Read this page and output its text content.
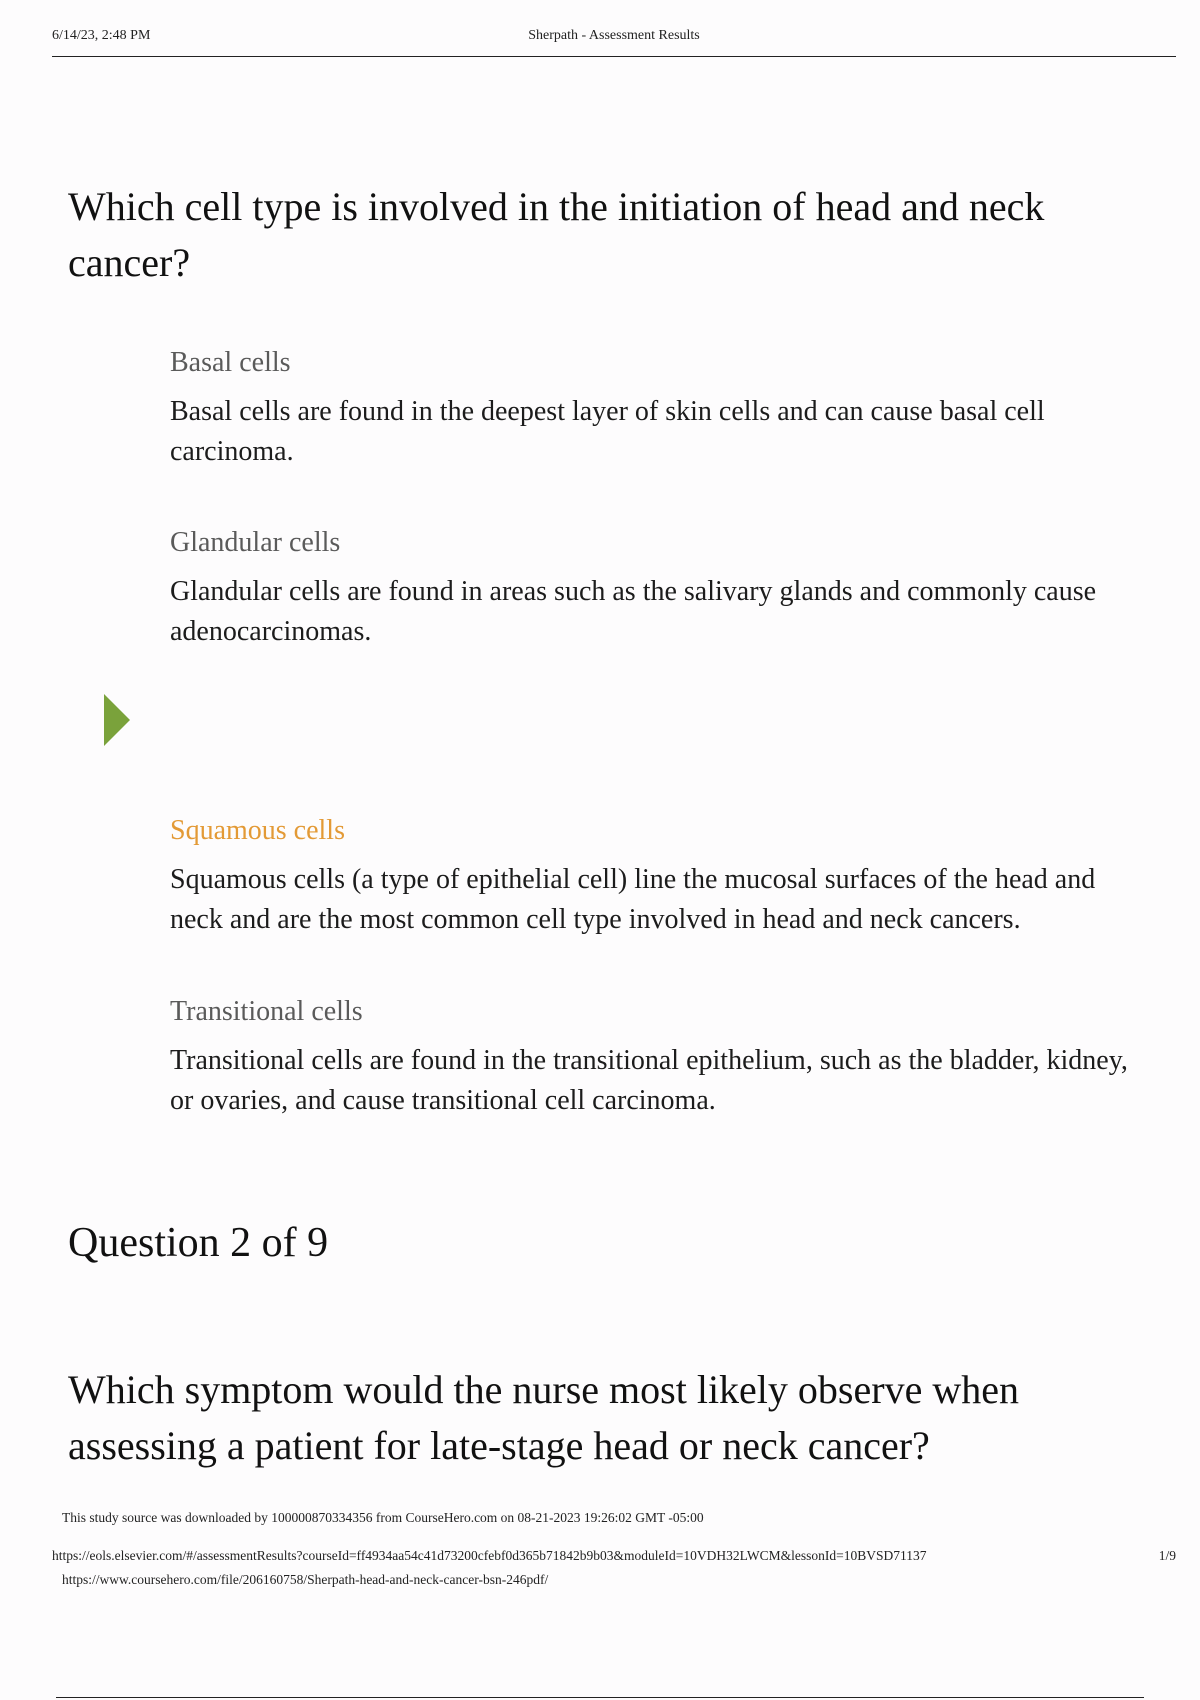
6/14/23, 2:48 PM	Sherpath - Assessment Results
Which cell type is involved in the initiation of head and neck cancer?

Basal cells

Basal cells are found in the deepest layer of skin cells and can cause basal cell carcinoma.

Glandular cells

Glandular cells are found in areas such as the salivary glands and commonly cause adenocarcinomas.

Squamous cells

Squamous cells (a type of epithelial cell) line the mucosal surfaces of the head and neck and are the most common cell type involved in head and neck cancers.

Transitional cells

Transitional cells are found in the transitional epithelium, such as the bladder, kidney, or ovaries, and cause transitional cell carcinoma.

Question 2 of 9
Which symptom would the nurse most likely observe when assessing a patient for late-stage head or neck cancer?
This study source was downloaded by 100000870334356 from CourseHero.com on 08-21-2023 19:26:02 GMT -05:00
https://eols.elsevier.com/#/assessmentResults?courseId=ff4934aa54c41d73200cfebf0d365b71842b9b03&moduleId=10VDH32LWCM&lessonId=10BVSD71137	1/9
https://www.coursehero.com/file/206160758/Sherpath-head-and-neck-cancer-bsn-246pdf/
